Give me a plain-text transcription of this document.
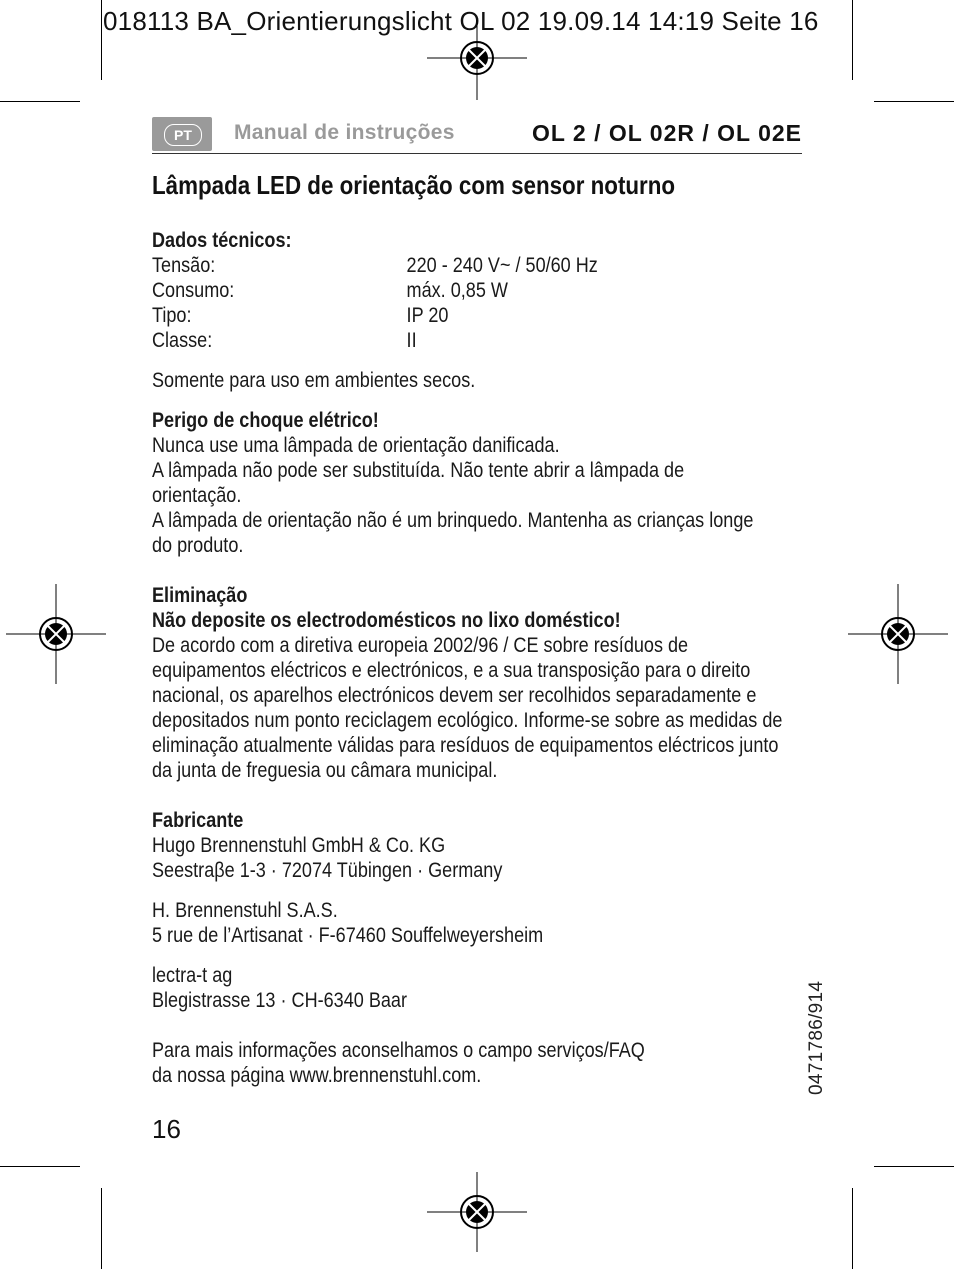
018113 BA_Orientierungslicht OL 02 19.09.14 14:19 Seite 16
PT	Manual de instruções	OL 2 / OL 02R / OL 02E
Lâmpada LED de orientação com sensor noturno

Dados técnicos:

Tensão:	220 - 240 V~ / 50/60 Hz
Consumo:	máx. 0,85 W
Tipo:	IP 20
Classe:	II

Somente para uso em ambientes secos.

Perigo de choque elétrico!

Nunca use uma lâmpada de orientação danificada.

A lâmpada não pode ser substituída. Não tente abrir a lâmpada de orientação.

A lâmpada de orientação não é um brinquedo. Mantenha as crianças longe do produto.

Eliminação

Não deposite os electrodomésticos no lixo doméstico!

De acordo com a diretiva europeia 2002/96 / CE sobre resíduos de equipamentos eléctricos e electrónicos, e a sua transposição para o direito nacional, os aparelhos electrónicos devem ser recolhidos separadamente e depositados num ponto reciclagem ecológico. Informe-se sobre as medidas de eliminação atualmente válidas para resíduos de equipamentos eléctricos junto da junta de freguesia ou câmara municipal.

Fabricante

Hugo Brennenstuhl GmbH & Co. KG

Seestraβe 1-3 · 72074 Tübingen · Germany

H. Brennenstuhl S.A.S.

5 rue de l’Artisanat · F-67460 Souffelweyersheim

lectra-t ag

Blegistrasse 13 · CH-6340 Baar

Para mais informações aconselhamos o campo serviços/FAQ

da nossa página www.brennenstuhl.com.

16
0471786/914
